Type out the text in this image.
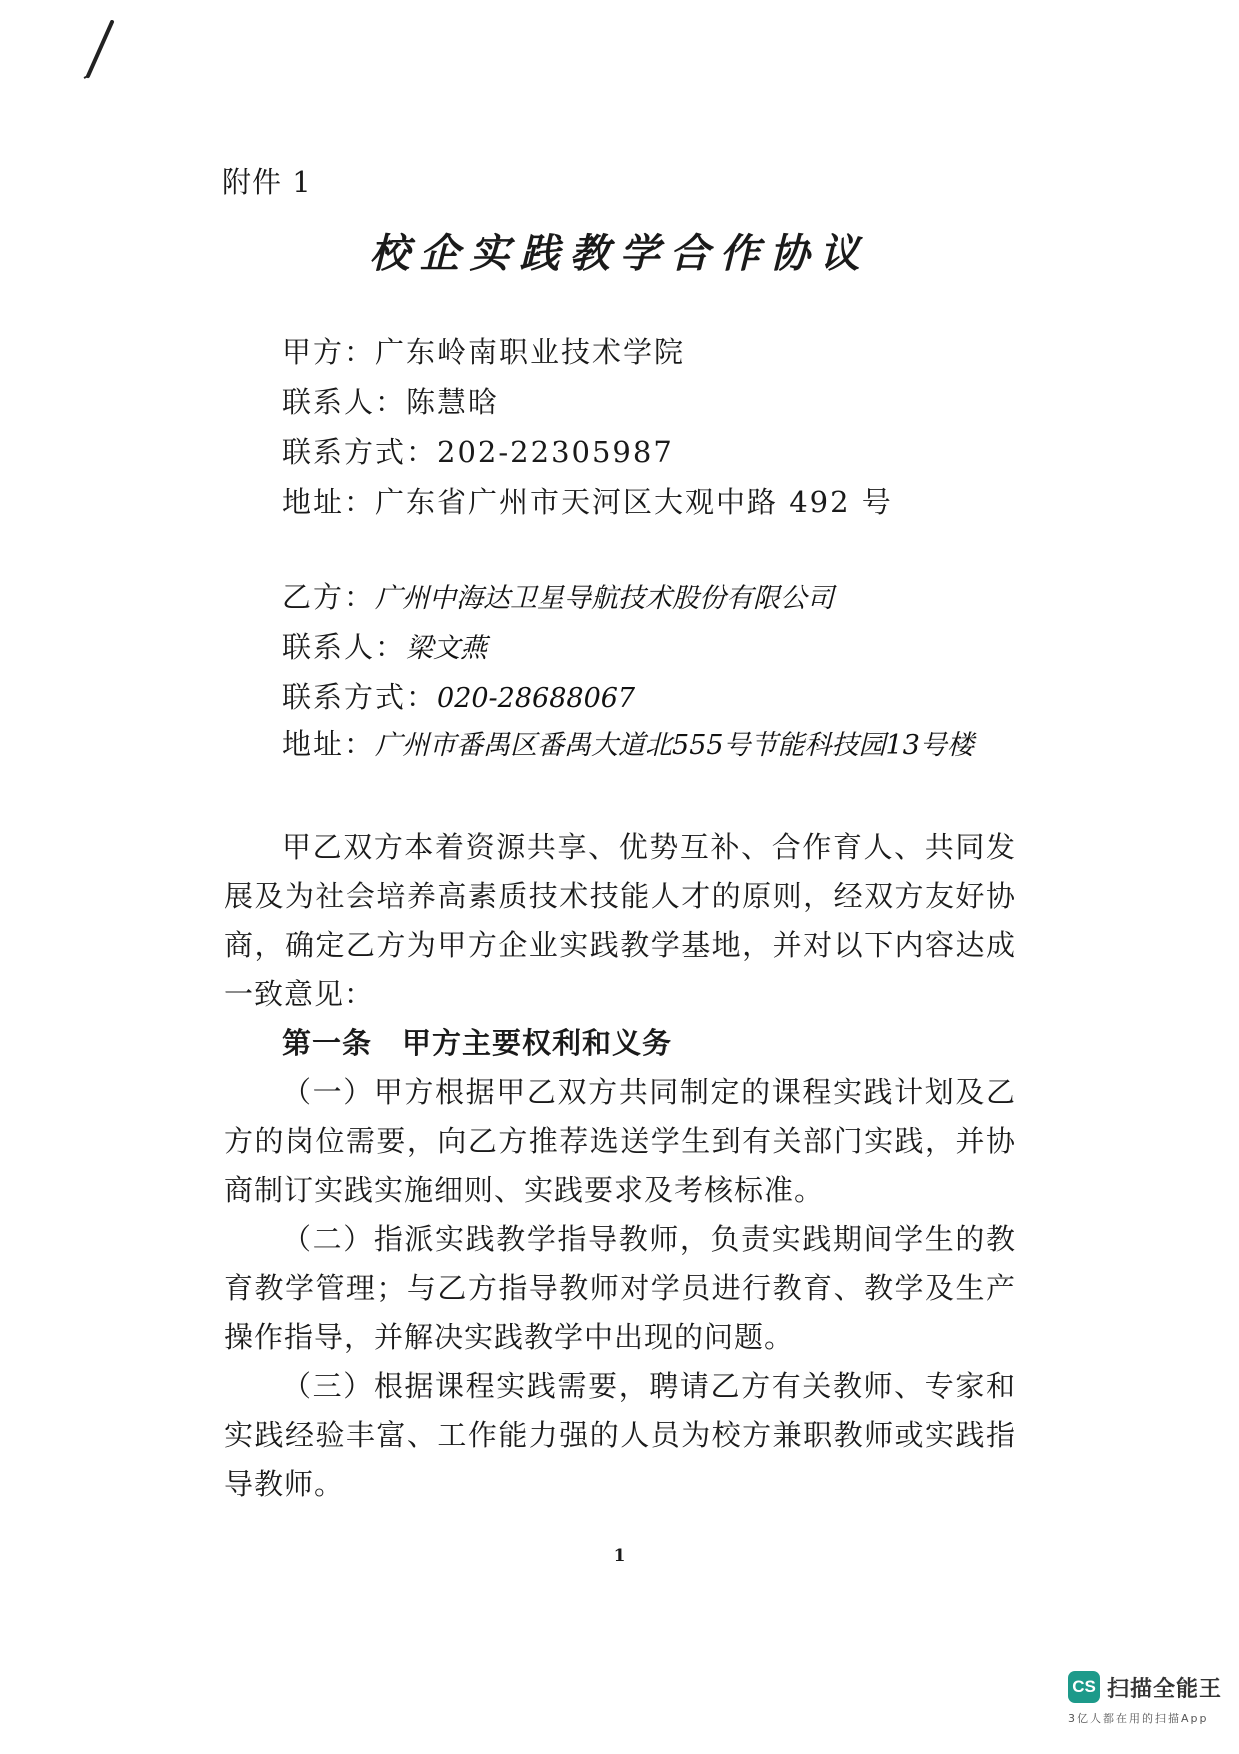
附件 1
校企实践教学合作协议
甲方：广东岭南职业技术学院
联系人：陈慧晗
联系方式：202-22305987
地址：广东省广州市天河区大观中路 492 号
乙方：广州中海达卫星导航技术股份有限公司
联系人：梁文燕
联系方式：020-28688067
地址：广州市番禺区番禺大道北555号节能科技园13号楼

甲乙双方本着资源共享、优势互补、合作育人、共同发展及为社会培养高素质技术技能人才的原则，经双方友好协商，确定乙方为甲方企业实践教学基地，并对以下内容达成一致意见：

第一条　甲方主要权利和义务

（一）甲方根据甲乙双方共同制定的课程实践计划及乙方的岗位需要，向乙方推荐选送学生到有关部门实践，并协商制订实践实施细则、实践要求及考核标准。

（二）指派实践教学指导教师，负责实践期间学生的教育教学管理；与乙方指导教师对学员进行教育、教学及生产操作指导，并解决实践教学中出现的问题。

（三）根据课程实践需要，聘请乙方有关教师、专家和实践经验丰富、工作能力强的人员为校方兼职教师或实践指导教师。

1
CS 扫描全能王
3亿人都在用的扫描App
